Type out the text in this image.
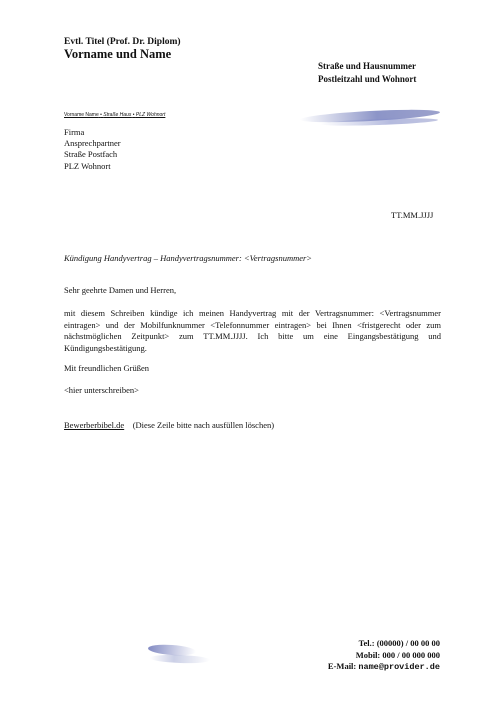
Evtl. Titel (Prof. Dr. Diplom)
Vorname und Name
Straße und Hausnummer
Postleitzahl und Wohnort
Vorname Name • Straße Haus • PLZ Wohnort
Firma
Ansprechpartner
Straße Postfach
PLZ Wohnort
TT.MM.JJJJ
Kündigung Handyvertrag – Handyvertragsnummer: <Vertragsnummer>
Sehr geehrte Damen und Herren,
mit diesem Schreiben kündige ich meinen Handyvertrag mit der Vertragsnummer: <Vertragsnummer eintragen> und der Mobilfunknummer <Telefonnummer eintragen> bei Ihnen <fristgerecht oder zum nächstmöglichen Zeitpunkt> zum TT.MM.JJJJ. Ich bitte um eine Eingangsbestätigung und Kündigungsbestätigung.
Mit freundlichen Grüßen
<hier unterschreiben>
Bewerberbibel.de (Diese Zeile bitte nach ausfüllen löschen)
Tel.: (00000) / 00 00 00
Mobil: 000 / 00 000 000
E-Mail: name@provider.de
